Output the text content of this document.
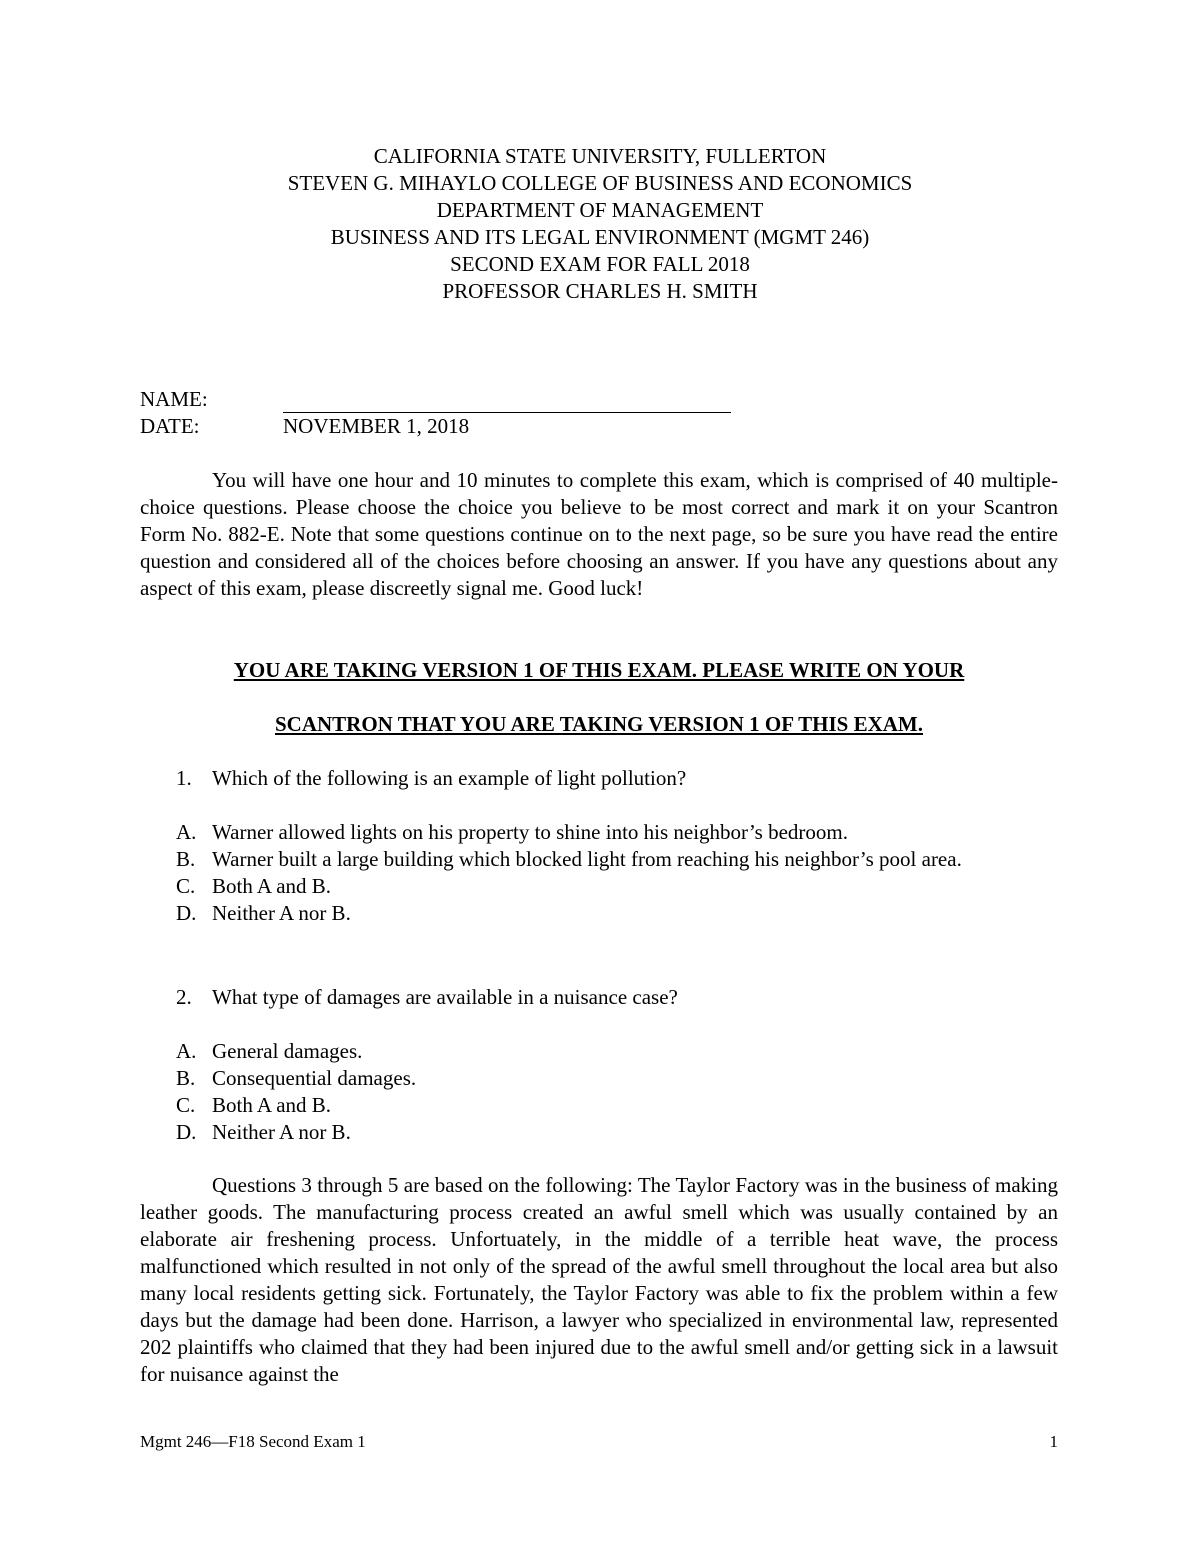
CALIFORNIA STATE UNIVERSITY, FULLERTON
STEVEN G. MIHAYLO COLLEGE OF BUSINESS AND ECONOMICS
DEPARTMENT OF MANAGEMENT
BUSINESS AND ITS LEGAL ENVIRONMENT (MGMT 246)
SECOND EXAM FOR FALL 2018
PROFESSOR CHARLES H. SMITH
NAME:
DATE:	NOVEMBER 1, 2018

You will have one hour and 10 minutes to complete this exam, which is comprised of 40 multiple-choice questions. Please choose the choice you believe to be most correct and mark it on your Scantron Form No. 882-E. Note that some questions continue on to the next page, so be sure you have read the entire question and considered all of the choices before choosing an answer. If you have any questions about any aspect of this exam, please discreetly signal me. Good luck!

YOU ARE TAKING VERSION 1 OF THIS EXAM. PLEASE WRITE ON YOUR

SCANTRON THAT YOU ARE TAKING VERSION 1 OF THIS EXAM.

1. Which of the following is an example of light pollution?

A. Warner allowed lights on his property to shine into his neighbor’s bedroom.
B. Warner built a large building which blocked light from reaching his neighbor’s pool area.
C. Both A and B.
D. Neither A nor B.

2. What type of damages are available in a nuisance case?

A. General damages.
B. Consequential damages.
C. Both A and B.
D. Neither A nor B.

Questions 3 through 5 are based on the following: The Taylor Factory was in the business of making leather goods. The manufacturing process created an awful smell which was usually contained by an elaborate air freshening process. Unfortuately, in the middle of a terrible heat wave, the process malfunctioned which resulted in not only of the spread of the awful smell throughout the local area but also many local residents getting sick. Fortunately, the Taylor Factory was able to fix the problem within a few days but the damage had been done. Harrison, a lawyer who specialized in environmental law, represented 202 plaintiffs who claimed that they had been injured due to the awful smell and/or getting sick in a lawsuit for nuisance against the

Mgmt 246—F18 Second Exam 1	1
